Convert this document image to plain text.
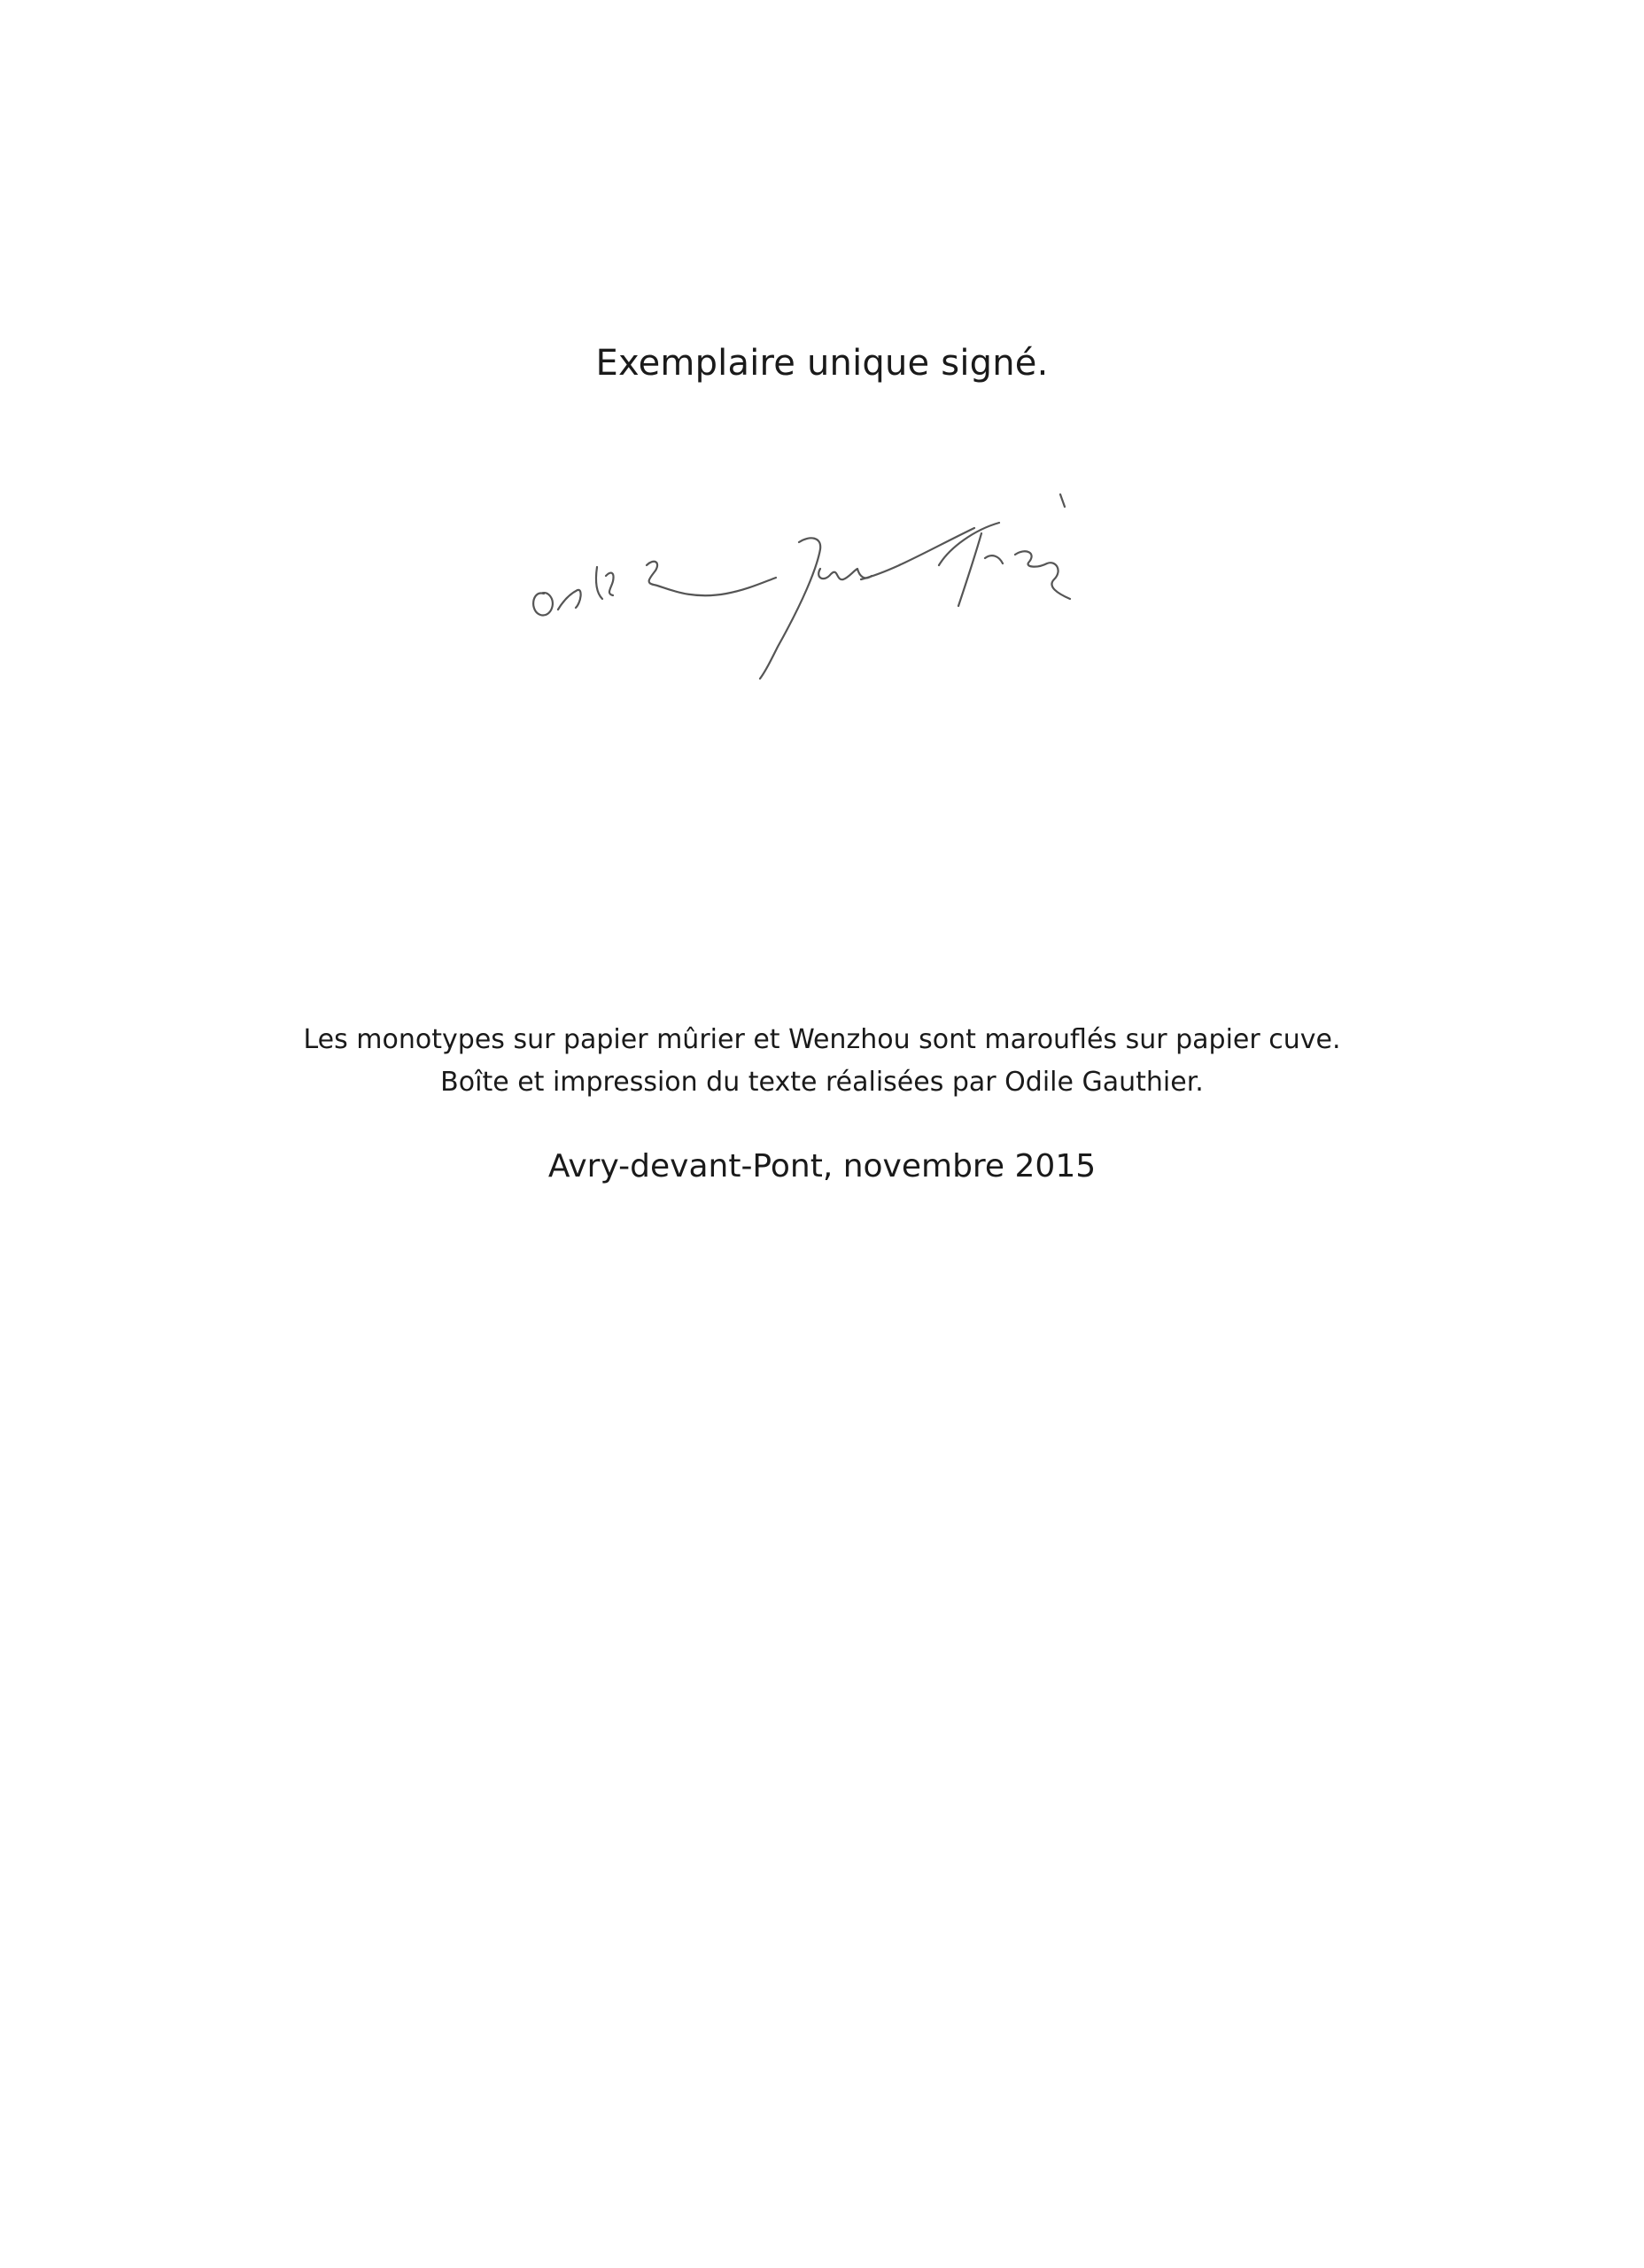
Exemplaire unique signé.

Les monotypes sur papier mûrier et Wenzhou sont marouflés sur papier cuve.

Boîte et impression du texte réalisées par Odile Gauthier.

Avry-devant-Pont, novembre 2015
